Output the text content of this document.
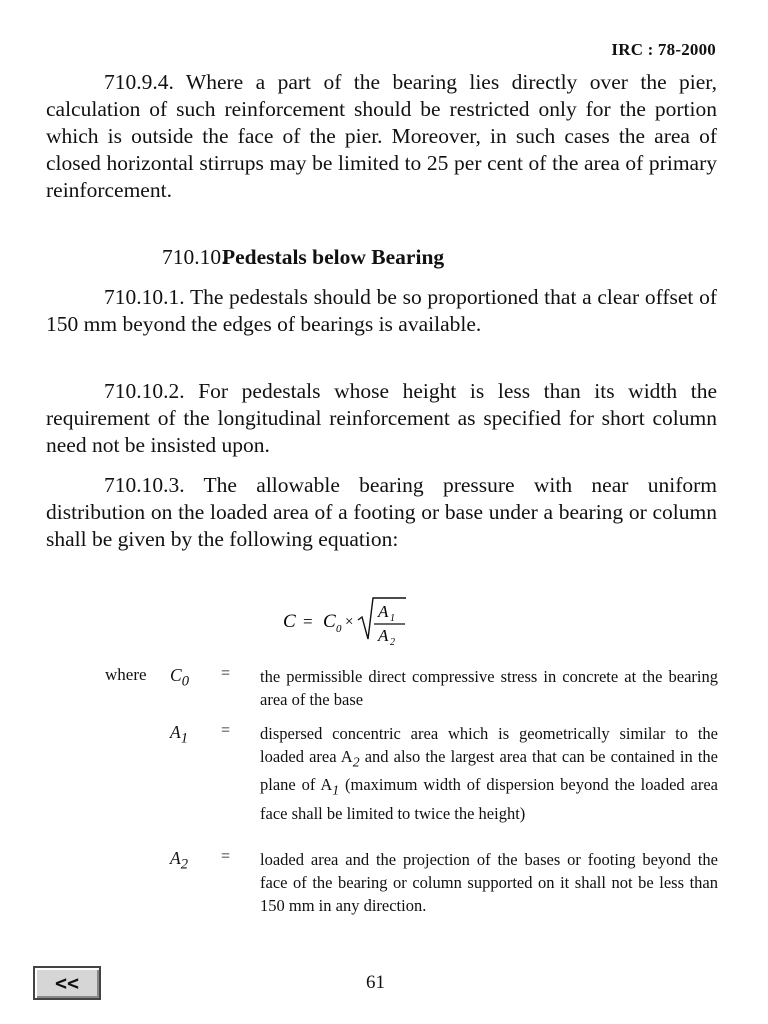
IRC : 78-2000

710.9.4. Where a part of the bearing lies directly over the pier, calculation of such reinforcement should be restricted only for the portion which is outside the face of the pier. Moreover, in such cases the area of closed horizontal stirrups may be limited to 25 per cent of the area of primary reinforcement.

710.10.Pedestals below Bearing

710.10.1. The pedestals should be so proportioned that a clear offset of 150 mm beyond the edges of bearings is available.

710.10.2. For pedestals whose height is less than its width the requirement of the longitudinal reinforcement as specified for short column need not be insisted upon.

710.10.3. The allowable bearing pressure with near uniform distribution on the loaded area of a footing or base under a bearing or column shall be given by the following equation:

C = C 0 ×
A 1
A 2
where $C_0$ = the permissible direct compressive stress in concrete at the bearing area of the base

$A_1$ = dispersed concentric area which is geometrically similar to the loaded area $A_2$ and also the largest area that can be contained in the plane of $A_1$ (maximum width of dispersion beyond the loaded area face shall be limited to twice the height)

$A_2$ = loaded area and the projection of the bases or footing beyond the face of the bearing or column supported on it shall not be less than 150 mm in any direction.

<<	61
